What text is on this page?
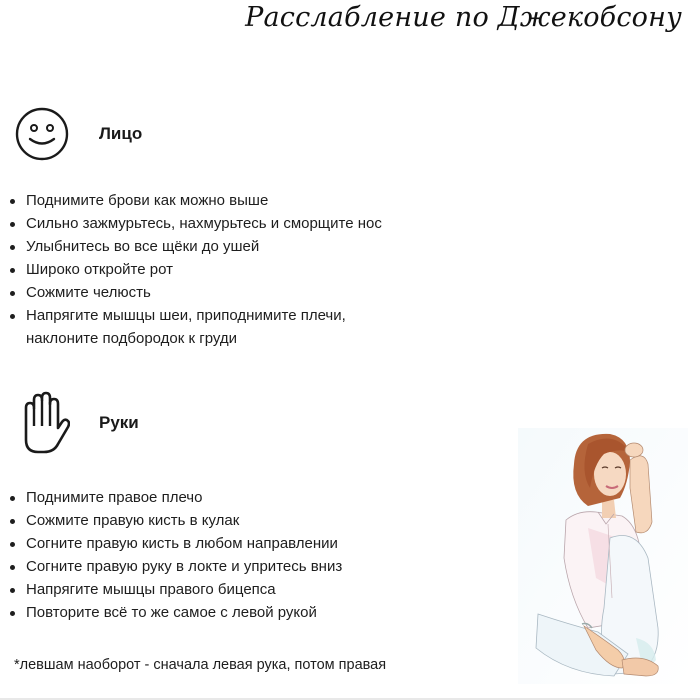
Расслабление по Джекобсону
Лицо
Поднимите брови как можно выше
Сильно зажмурьтесь, нахмурьтесь и сморщите нос
Улыбнитесь во все щёки до ушей
Широко откройте рот
Сожмите челюсть
Напрягите мышцы шеи, приподнимите плечи,
наклоните подбородок к груди
Руки
Поднимите правое плечо
Сожмите правую кисть в кулак
Согните правую кисть в любом направлении
Согните правую руку в локте и упритесь вниз
Напрягите мышцы правого бицепса
Повторите всё то же самое с левой рукой
*левшам наоборот - сначала левая рука, потом правая
